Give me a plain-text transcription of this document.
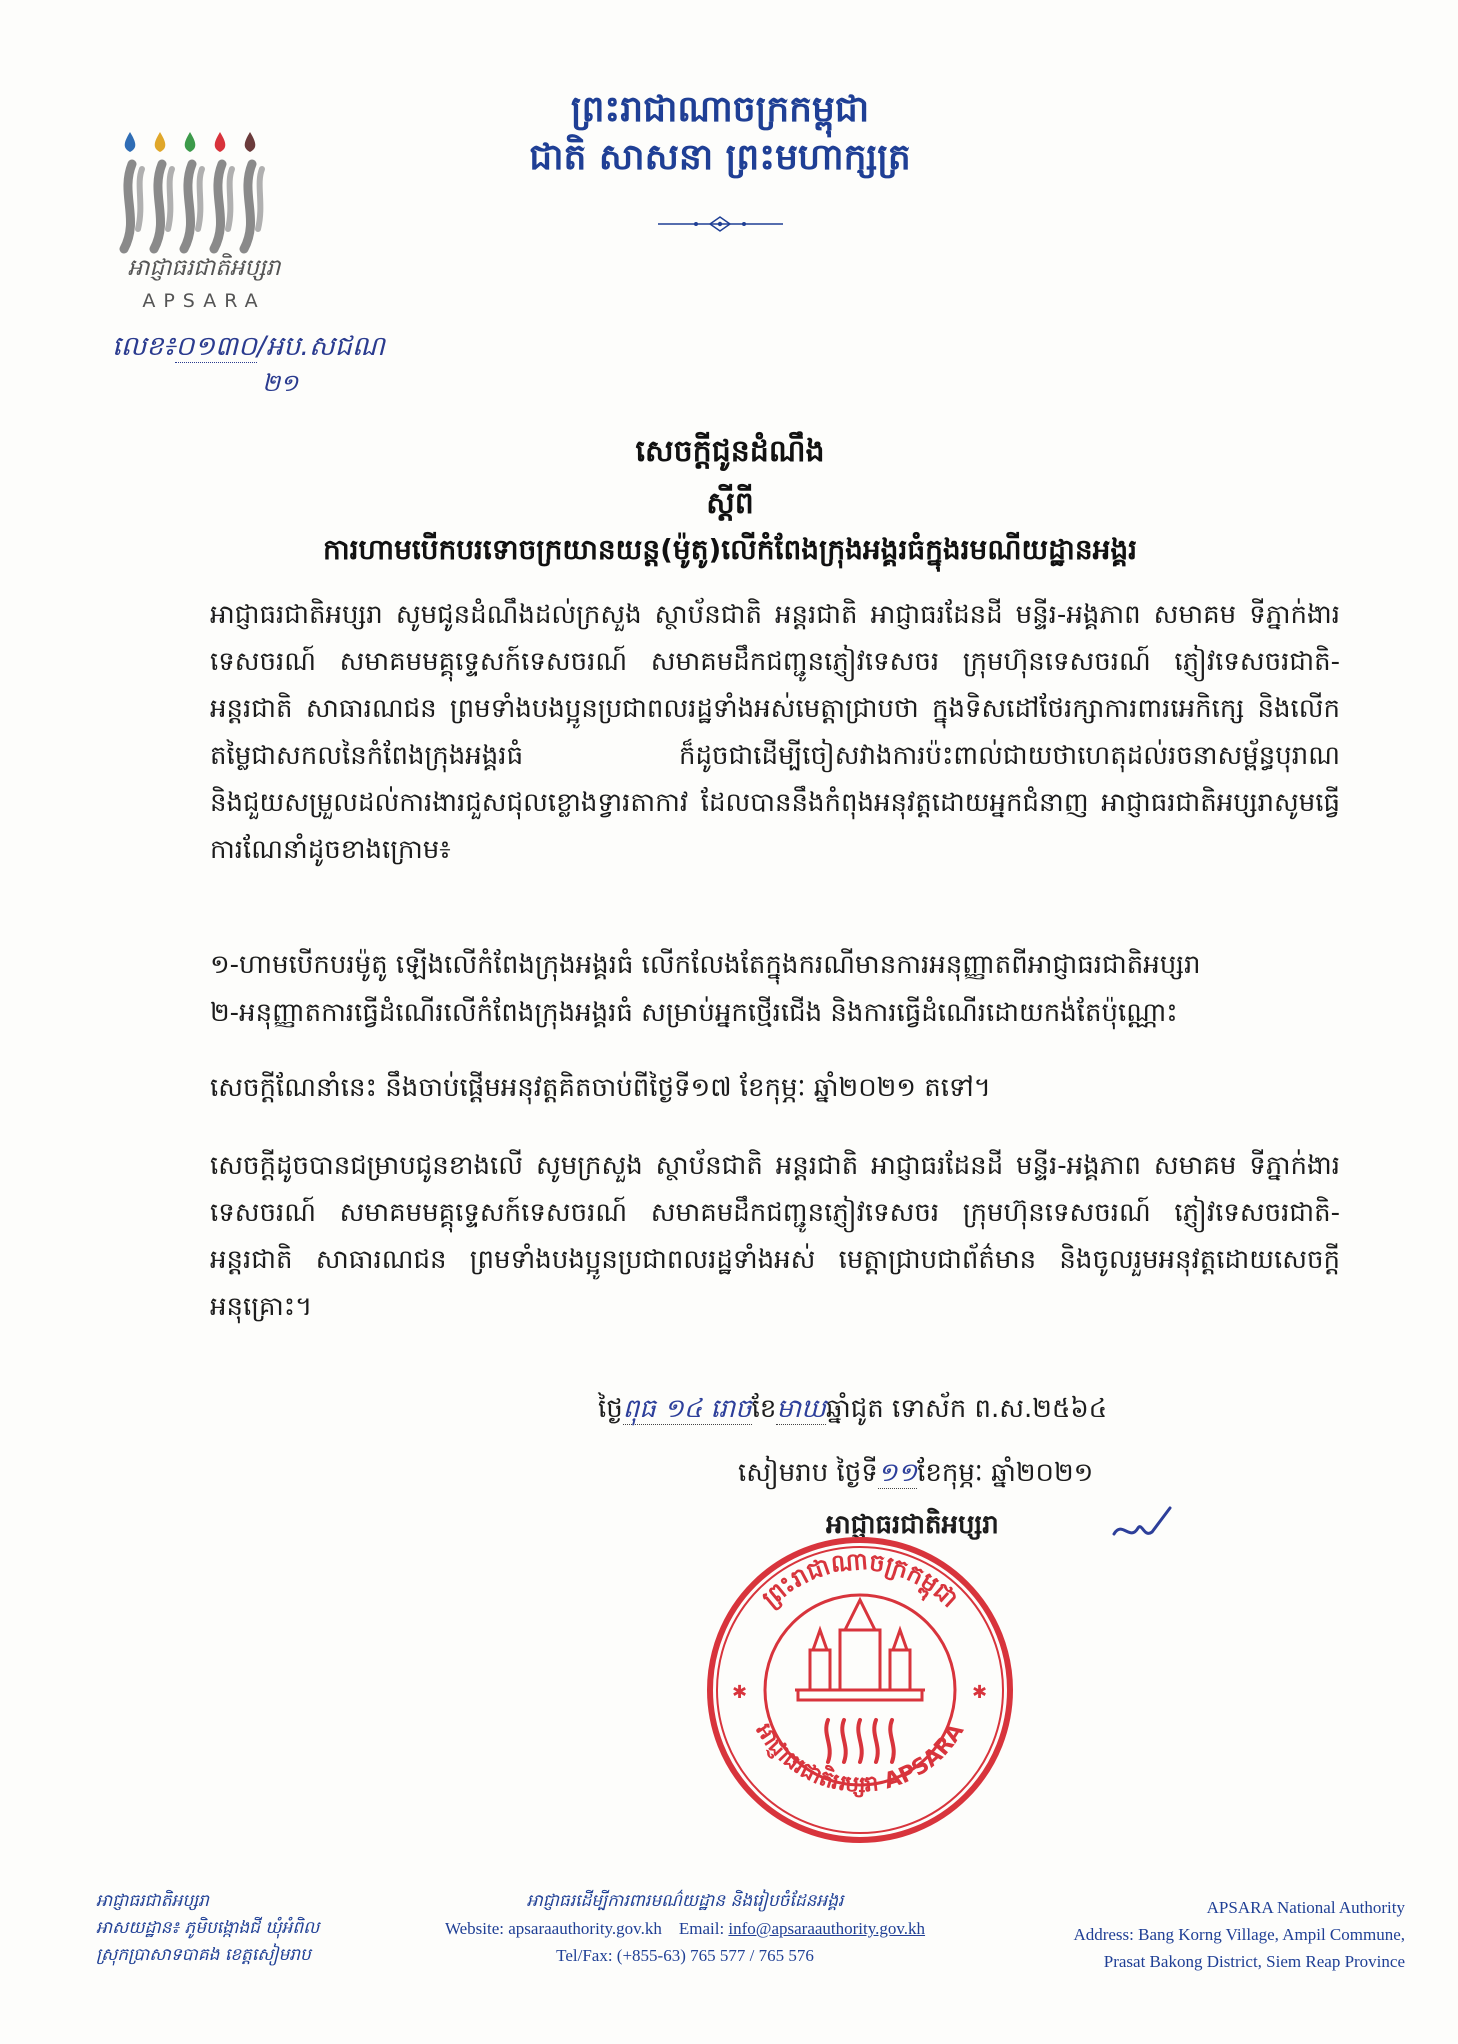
ព្រះរាជាណាចក្រកម្ពុជា
ជាតិ សាសនា ព្រះមហាក្សត្រ
អាជ្ញាធរជាតិអប្សរា
APSARA
លេខ៖០១៣០/អប.សជណ
២១
សេចក្តីជូនដំណឹង
ស្តីពី
ការហាមបើកបរទោចក្រយានយន្ត(ម៉ូតូ)លើកំពែងក្រុងអង្គរធំក្នុងរមណីយដ្ឋានអង្គរ

អាជ្ញាធរជាតិអប្សរា សូមជូនដំណឹងដល់ក្រសួង ស្ថាប័នជាតិ អន្តរជាតិ អាជ្ញាធរដែនដី មន្ទីរ-អង្គភាព សមាគម ទីភ្នាក់ងារទេសចរណ៍ សមាគមមគ្គុទ្ទេសក៍ទេសចរណ៍ សមាគមដឹកជញ្ជូនភ្ញៀវទេសចរ ក្រុមហ៊ុនទេសចរណ៍ ភ្ញៀវទេសចរជាតិ-អន្តរជាតិ សាធារណជន ព្រមទាំងបងប្អូនប្រជាពលរដ្ឋទាំងអស់មេត្តាជ្រាបថា ក្នុងទិសដៅថែរក្សាការពារអេកិក្សេ និងលើកតម្លៃជាសកលនៃកំពែងក្រុងអង្គរធំ ក៏ដូចជាដើម្បីចៀសវាងការប៉ះពាល់ជាយថាហេតុដល់រចនាសម្ព័ន្ធបុរាណ និងជួយសម្រួលដល់ការងារជួសជុលខ្លោងទ្វារតាកាវ ដែលបាននឹងកំពុងអនុវត្តដោយអ្នកជំនាញ អាជ្ញាធរជាតិអប្សរាសូមធ្វើការណែនាំដូចខាងក្រោម៖

១-ហាមបើកបរម៉ូតូ ឡើងលើកំពែងក្រុងអង្គរធំ លើកលែងតែក្នុងករណីមានការអនុញ្ញាតពីអាជ្ញាធរជាតិអប្សរា
២-អនុញ្ញាតការធ្វើដំណើរលើកំពែងក្រុងអង្គរធំ សម្រាប់អ្នកថ្មើរជើង និងការធ្វើដំណើរដោយកង់តែប៉ុណ្ណោះ
សេចក្តីណែនាំនេះ នឹងចាប់ផ្តើមអនុវត្តគិតចាប់ពីថ្ងៃទី១៧ ខែកុម្ភៈ ឆ្នាំ២០២១ តទៅ។
សេចក្តីដូចបានជម្រាបជូនខាងលើ សូមក្រសួង ស្ថាប័នជាតិ អន្តរជាតិ អាជ្ញាធរដែនដី មន្ទីរ-អង្គភាព សមាគម ទីភ្នាក់ងារទេសចរណ៍ សមាគមមគ្គុទ្ទេសក៍ទេសចរណ៍ សមាគមដឹកជញ្ជូនភ្ញៀវទេសចរ ក្រុមហ៊ុនទេសចរណ៍ ភ្ញៀវទេសចរជាតិ-អន្តរជាតិ សាធារណជន ព្រមទាំងបងប្អូនប្រជាពលរដ្ឋទាំងអស់ មេត្តាជ្រាបជាព័ត៌មាន និងចូលរួមអនុវត្តដោយសេចក្តីអនុគ្រោះ។
ថ្ងៃពុធ ១៤ រោចខែមាឃឆ្នាំជូត ទោស័ក ព.ស.២៥៦៤
សៀមរាប ថ្ងៃទី១១ខែកុម្ភៈ ឆ្នាំ២០២១
អាជ្ញាធរជាតិអប្សរា
ព្រះរាជាណាចក្រកម្ពុជា
អាជ្ញាធរជាតិអប្សរា APSARA
✱	✱
អាជ្ញាធរជាតិអប្សរា
អាសយដ្ឋាន៖ ភូមិបង្កោងជី ឃុំអំពិល
ស្រុកប្រាសាទបាគង ខេត្តសៀមរាប
អាជ្ញាធរដើម្បីការពារមណ៌យដ្ឋាន និងរៀបចំដែនអង្គរ
Website: apsaraauthority.gov.kh Email: info@apsaraauthority.gov.kh
Tel/Fax: (+855-63) 765 577 / 765 576
APSARA National Authority
Address: Bang Korng Village, Ampil Commune,
Prasat Bakong District, Siem Reap Province
